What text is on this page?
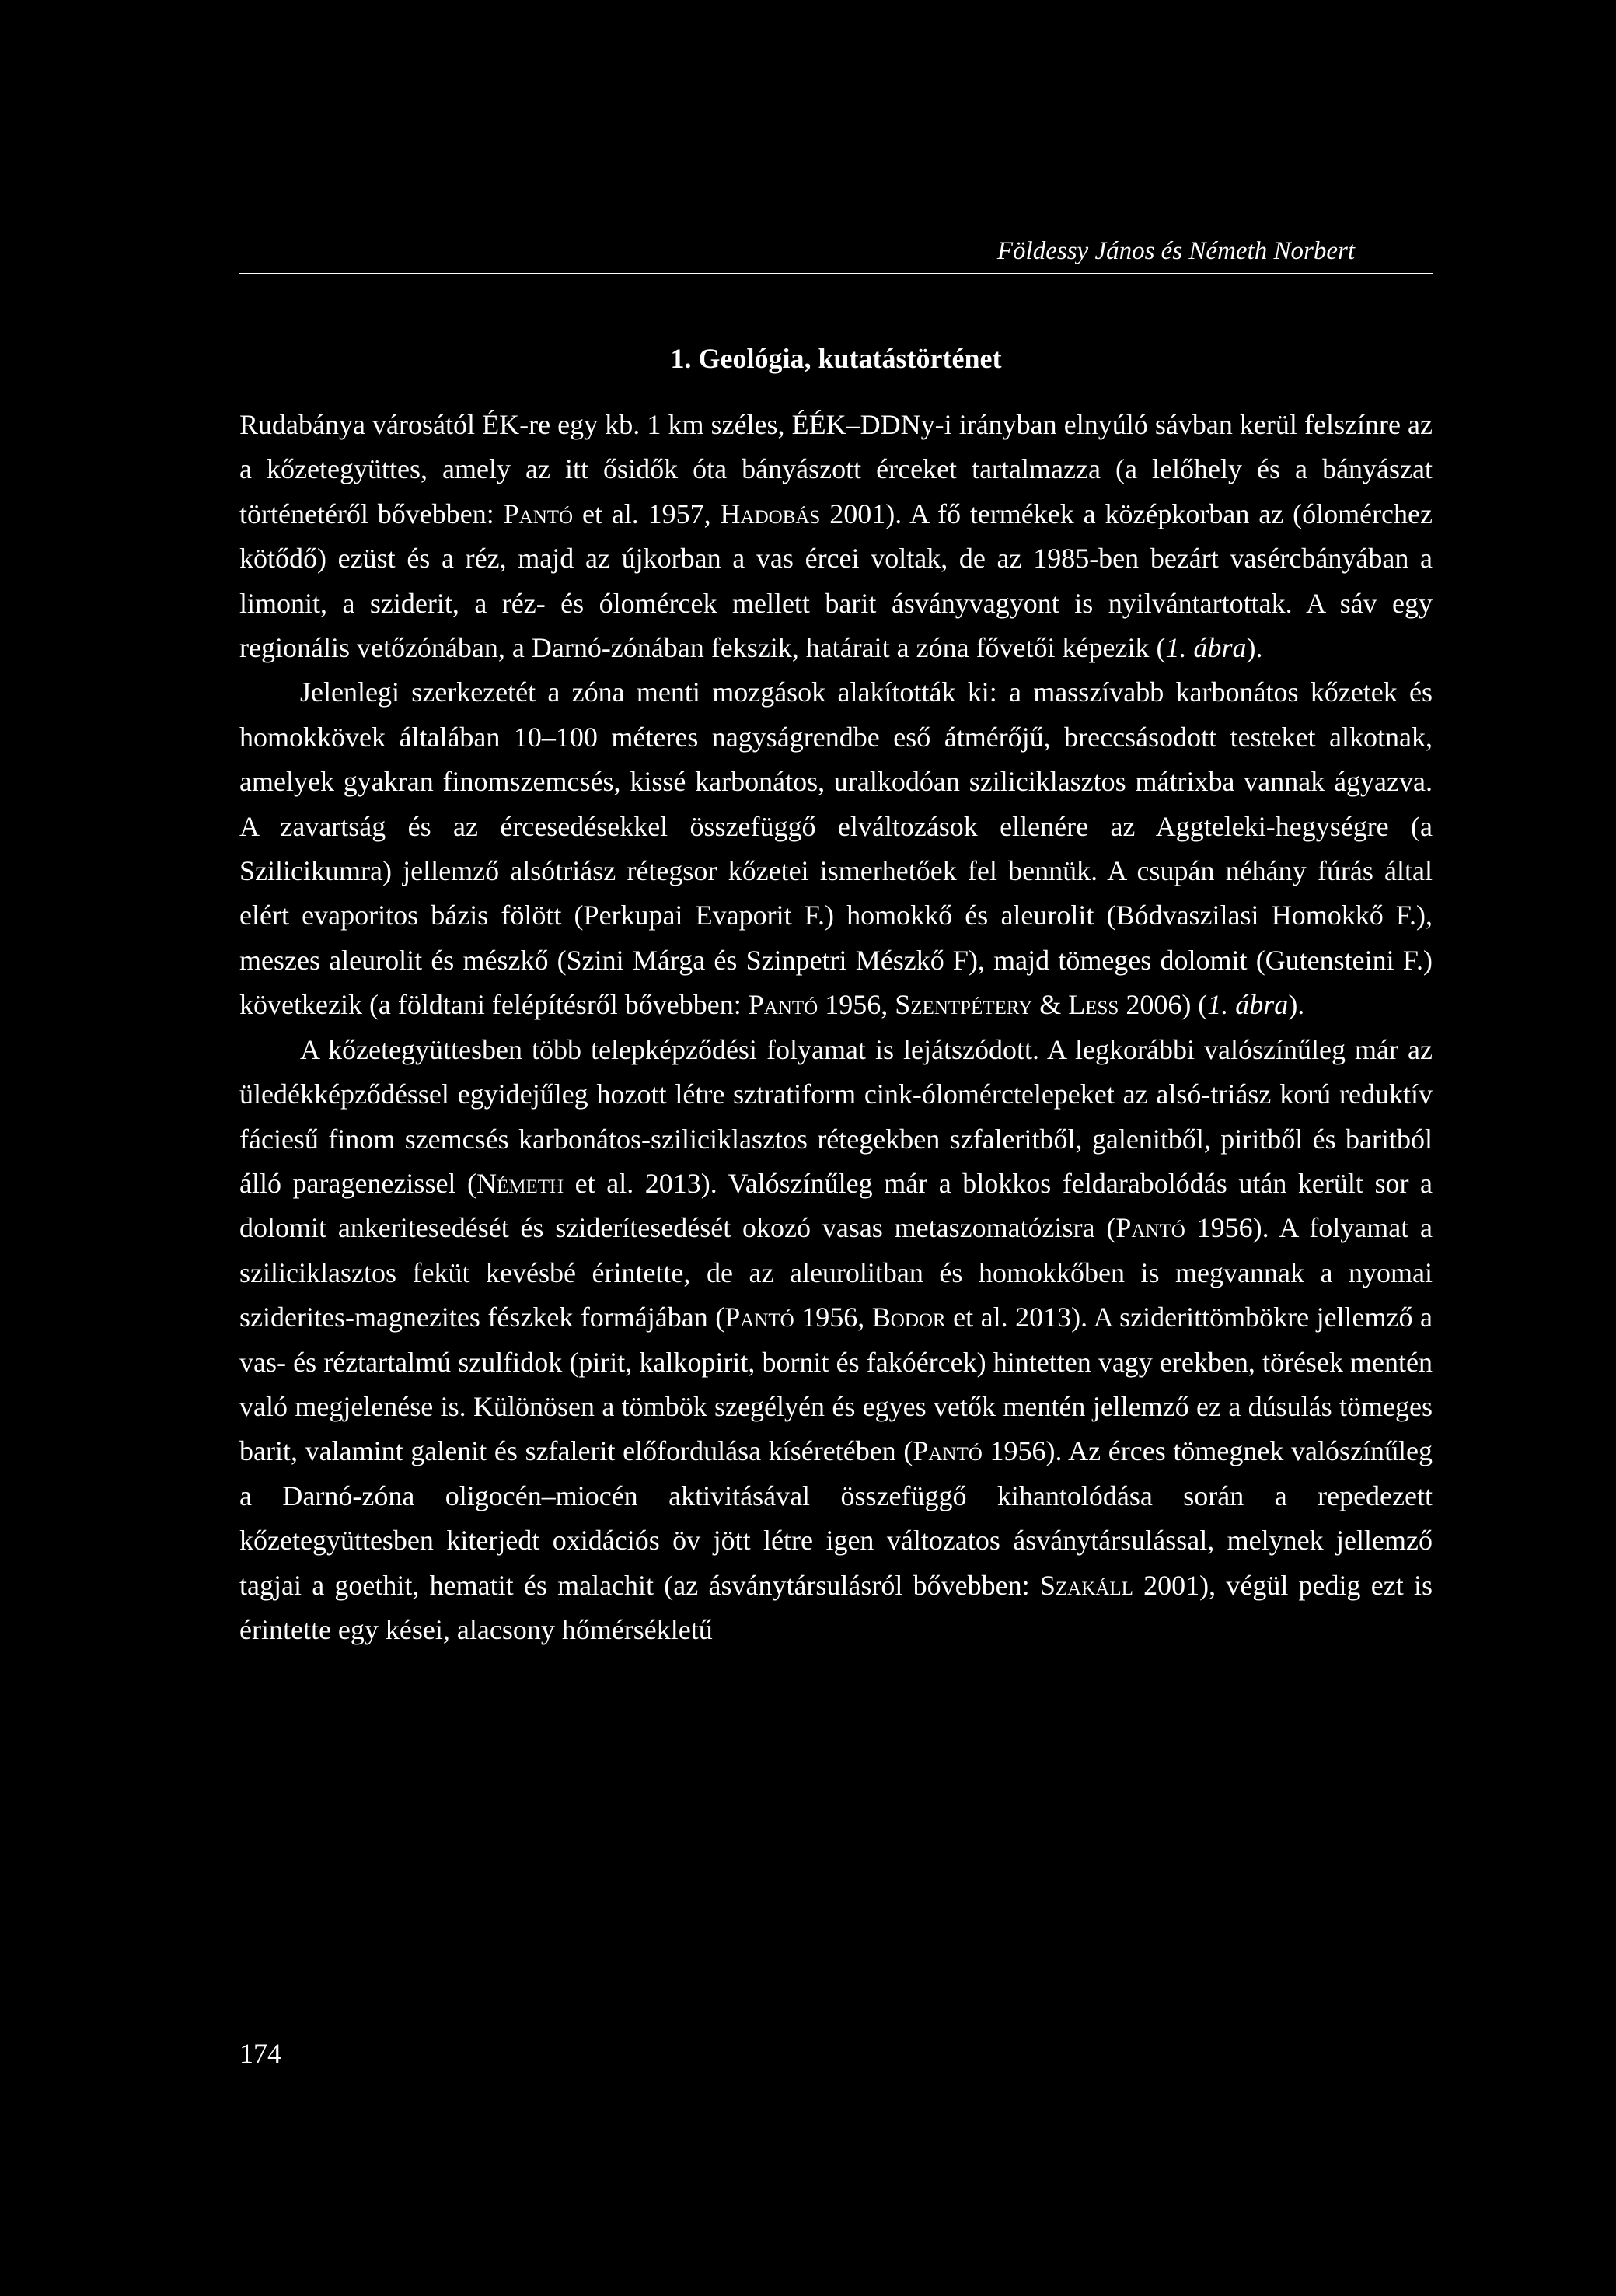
Földessy János és Németh Norbert
1. Geológia, kutatástörténet

Rudabánya városától ÉK-re egy kb. 1 km széles, ÉÉK–DDNy-i irányban elnyúló sávban kerül felszínre az a kőzetegyüttes, amely az itt ősidők óta bányászott érceket tartalmazza (a lelőhely és a bányászat történetéről bővebben: Pantó et al. 1957, Hadobás 2001). A fő termékek a középkorban az (ólomérchez kötődő) ezüst és a réz, majd az újkorban a vas ércei voltak, de az 1985-ben bezárt vasércbányában a limonit, a sziderit, a réz- és ólomércek mellett barit ásványvagyont is nyilvántartottak. A sáv egy regionális vetőzónában, a Darnó-zónában fekszik, határait a zóna fővetői képezik (1. ábra).

Jelenlegi szerkezetét a zóna menti mozgások alakították ki: a masszívabb karbonátos kőzetek és homokkövek általában 10–100 méteres nagyságrendbe eső átmérőjű, breccsásodott testeket alkotnak, amelyek gyakran finomszemcsés, kissé karbonátos, uralkodóan sziliciklasztos mátrixba vannak ágyazva. A zavartság és az ércesedésekkel összefüggő elváltozások ellenére az Aggteleki-hegységre (a Szilicikumra) jellemző alsótriász rétegsor kőzetei ismerhetőek fel bennük. A csupán néhány fúrás által elért evaporitos bázis fölött (Perkupai Evaporit F.) homokkő és aleurolit (Bódvaszilasi Homokkő F.), meszes aleurolit és mészkő (Szini Márga és Szinpetri Mészkő F), majd tömeges dolomit (Gutensteini F.) következik (a földtani felépítésről bővebben: Pantó 1956, Szentpétery & Less 2006) (1. ábra).

A kőzetegyüttesben több telepképződési folyamat is lejátszódott. A legkorábbi valószínűleg már az üledékképződéssel egyidejűleg hozott létre sztratiform cink-ólomérctelepeket az alsó-triász korú reduktív fáciesű finom szemcsés karbonátos-sziliciklasztos rétegekben szfaleritből, galenitből, piritből és baritból álló paragenezissel (Németh et al. 2013). Valószínűleg már a blokkos feldarabolódás után került sor a dolomit ankeritesedését és sziderítesedését okozó vasas metaszomatózisra (Pantó 1956). A folyamat a sziliciklasztos feküt kevésbé érintette, de az aleurolitban és homokkőben is megvannak a nyomai sziderites-magnezites fészkek formájában (Pantó 1956, Bodor et al. 2013). A sziderittömbökre jellemző a vas- és réztartalmú szulfidok (pirit, kalkopirit, bornit és fakóércek) hintetten vagy erekben, törések mentén való megjelenése is. Különösen a tömbök szegélyén és egyes vetők mentén jellemző ez a dúsulás tömeges barit, valamint galenit és szfalerit előfordulása kíséretében (Pantó 1956). Az érces tömegnek valószínűleg a Darnó-zóna oligocén–miocén aktivitásával összefüggő kihantolódása során a repedezett kőzetegyüttesben kiterjedt oxidációs öv jött létre igen változatos ásványtársulással, melynek jellemző tagjai a goethit, hematit és malachit (az ásványtársulásról bővebben: Szakáll 2001), végül pedig ezt is érintette egy kései, alacsony hőmérsékletű

174
